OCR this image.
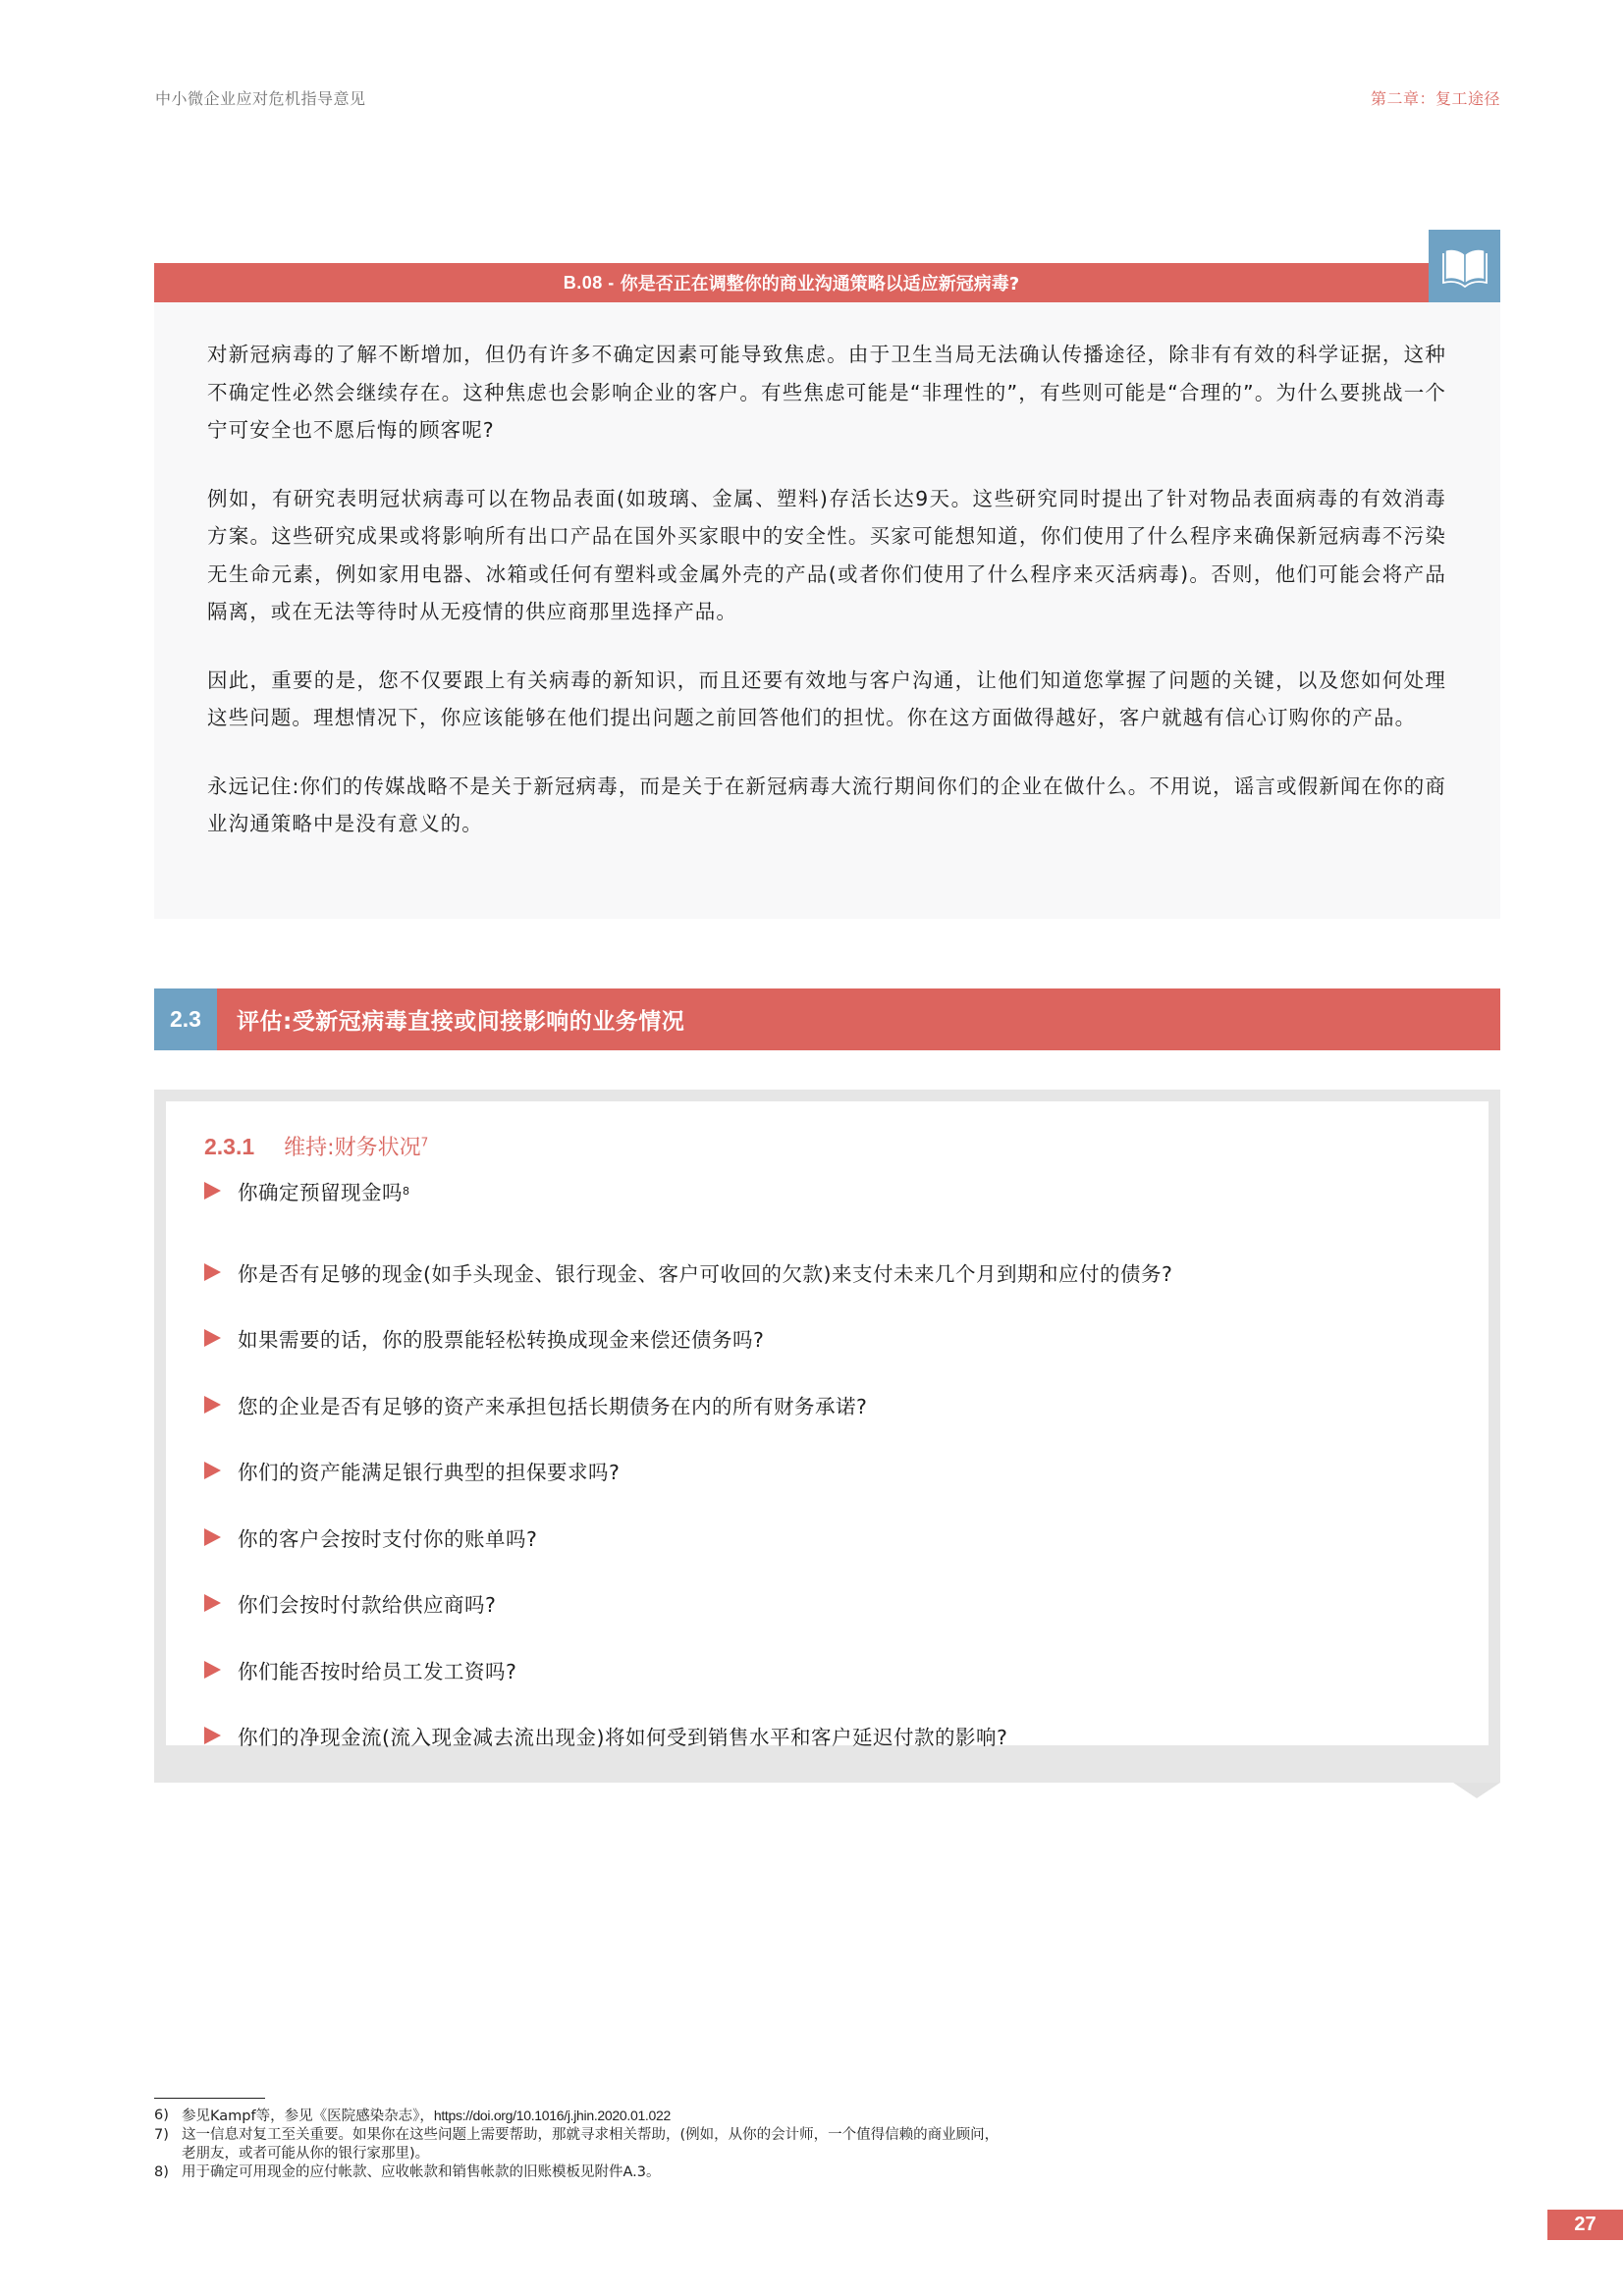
中小微企业应对危机指导意见	第二章：复工途径
B.08 - 你是否正在调整你的商业沟通策略以适应新冠病毒?

对新冠病毒的了解不断增加，但仍有许多不确定因素可能导致焦虑。由于卫生当局无法确认传播途径，除非有有效的科学证据，这种不确定性必然会继续存在。这种焦虑也会影响企业的客户。有些焦虑可能是“非理性的”，有些则可能是“合理的”。为什么要挑战一个宁可安全也不愿后悔的顾客呢?

例如，有研究表明冠状病毒可以在物品表面(如玻璃、金属、塑料)存活长达9天。这些研究同时提出了针对物品表面病毒的有效消毒方案。这些研究成果或将影响所有出口产品在国外买家眼中的安全性。买家可能想知道，你们使用了什么程序来确保新冠病毒不污染无生命元素，例如家用电器、冰箱或任何有塑料或金属外壳的产品(或者你们使用了什么程序来灭活病毒)。否则，他们可能会将产品隔离，或在无法等待时从无疫情的供应商那里选择产品。

因此，重要的是，您不仅要跟上有关病毒的新知识，而且还要有效地与客户沟通，让他们知道您掌握了问题的关键，以及您如何处理这些问题。理想情况下，你应该能够在他们提出问题之前回答他们的担忧。你在这方面做得越好，客户就越有信心订购你的产品。

永远记住:你们的传媒战略不是关于新冠病毒，而是关于在新冠病毒大流行期间你们的企业在做什么。不用说，谣言或假新闻在你的商业沟通策略中是没有意义的。

2.3	评估:受新冠病毒直接或间接影响的业务情况
2.3.1 维持:财务状况$^7$
你确定预留现金吗 8
你是否有足够的现金(如手头现金、银行现金、客户可收回的欠款)来支付未来几个月到期和应付的债务?
如果需要的话，你的股票能轻松转换成现金来偿还债务吗?
您的企业是否有足够的资产来承担包括长期债务在内的所有财务承诺?
你们的资产能满足银行典型的担保要求吗?
你的客户会按时支付你的账单吗?
你们会按时付款给供应商吗?
你们能否按时给员工发工资吗?
你们的净现金流(流入现金减去流出现金)将如何受到销售水平和客户延迟付款的影响?
6) 参见Kampf等，参见《医院感染杂志》，https://doi.org/10.1016/j.jhin.2020.01.022
7) 这一信息对复工至关重要。如果你在这些问题上需要帮助，那就寻求相关帮助，(例如，从你的会计师，一个值得信赖的商业顾问，
老朋友，或者可能从你的银行家那里)。
8) 用于确定可用现金的应付帐款、应收帐款和销售帐款的旧账模板见附件A.3。
27
